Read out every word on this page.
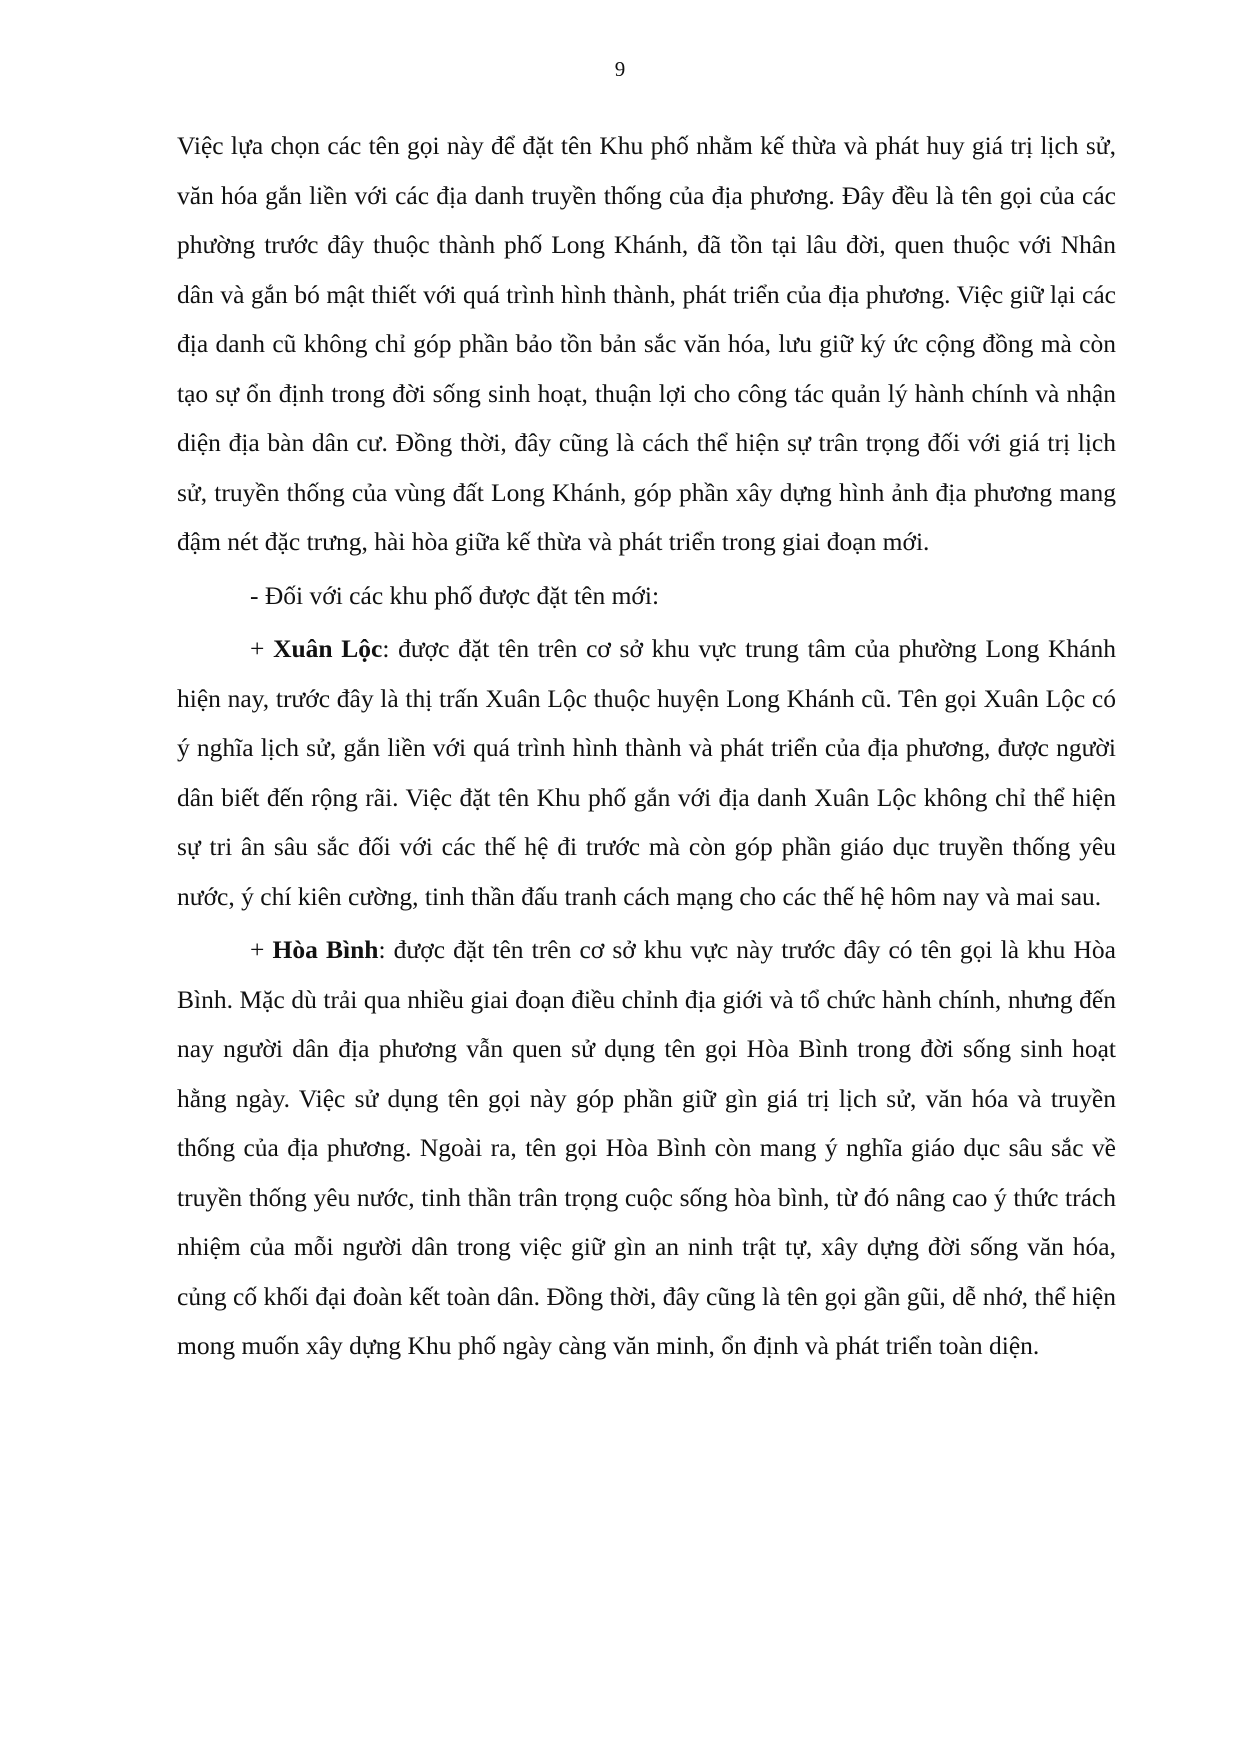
9

Việc lựa chọn các tên gọi này để đặt tên Khu phố nhằm kế thừa và phát huy giá trị lịch sử, văn hóa gắn liền với các địa danh truyền thống của địa phương. Đây đều là tên gọi của các phường trước đây thuộc thành phố Long Khánh, đã tồn tại lâu đời, quen thuộc với Nhân dân và gắn bó mật thiết với quá trình hình thành, phát triển của địa phương. Việc giữ lại các địa danh cũ không chỉ góp phần bảo tồn bản sắc văn hóa, lưu giữ ký ức cộng đồng mà còn tạo sự ổn định trong đời sống sinh hoạt, thuận lợi cho công tác quản lý hành chính và nhận diện địa bàn dân cư. Đồng thời, đây cũng là cách thể hiện sự trân trọng đối với giá trị lịch sử, truyền thống của vùng đất Long Khánh, góp phần xây dựng hình ảnh địa phương mang đậm nét đặc trưng, hài hòa giữa kế thừa và phát triển trong giai đoạn mới.

- Đối với các khu phố được đặt tên mới:

+ Xuân Lộc: được đặt tên trên cơ sở khu vực trung tâm của phường Long Khánh hiện nay, trước đây là thị trấn Xuân Lộc thuộc huyện Long Khánh cũ. Tên gọi Xuân Lộc có ý nghĩa lịch sử, gắn liền với quá trình hình thành và phát triển của địa phương, được người dân biết đến rộng rãi. Việc đặt tên Khu phố gắn với địa danh Xuân Lộc không chỉ thể hiện sự tri ân sâu sắc đối với các thế hệ đi trước mà còn góp phần giáo dục truyền thống yêu nước, ý chí kiên cường, tinh thần đấu tranh cách mạng cho các thế hệ hôm nay và mai sau.

+ Hòa Bình: được đặt tên trên cơ sở khu vực này trước đây có tên gọi là khu Hòa Bình. Mặc dù trải qua nhiều giai đoạn điều chỉnh địa giới và tổ chức hành chính, nhưng đến nay người dân địa phương vẫn quen sử dụng tên gọi Hòa Bình trong đời sống sinh hoạt hằng ngày. Việc sử dụng tên gọi này góp phần giữ gìn giá trị lịch sử, văn hóa và truyền thống của địa phương. Ngoài ra, tên gọi Hòa Bình còn mang ý nghĩa giáo dục sâu sắc về truyền thống yêu nước, tinh thần trân trọng cuộc sống hòa bình, từ đó nâng cao ý thức trách nhiệm của mỗi người dân trong việc giữ gìn an ninh trật tự, xây dựng đời sống văn hóa, củng cố khối đại đoàn kết toàn dân. Đồng thời, đây cũng là tên gọi gần gũi, dễ nhớ, thể hiện mong muốn xây dựng Khu phố ngày càng văn minh, ổn định và phát triển toàn diện.
